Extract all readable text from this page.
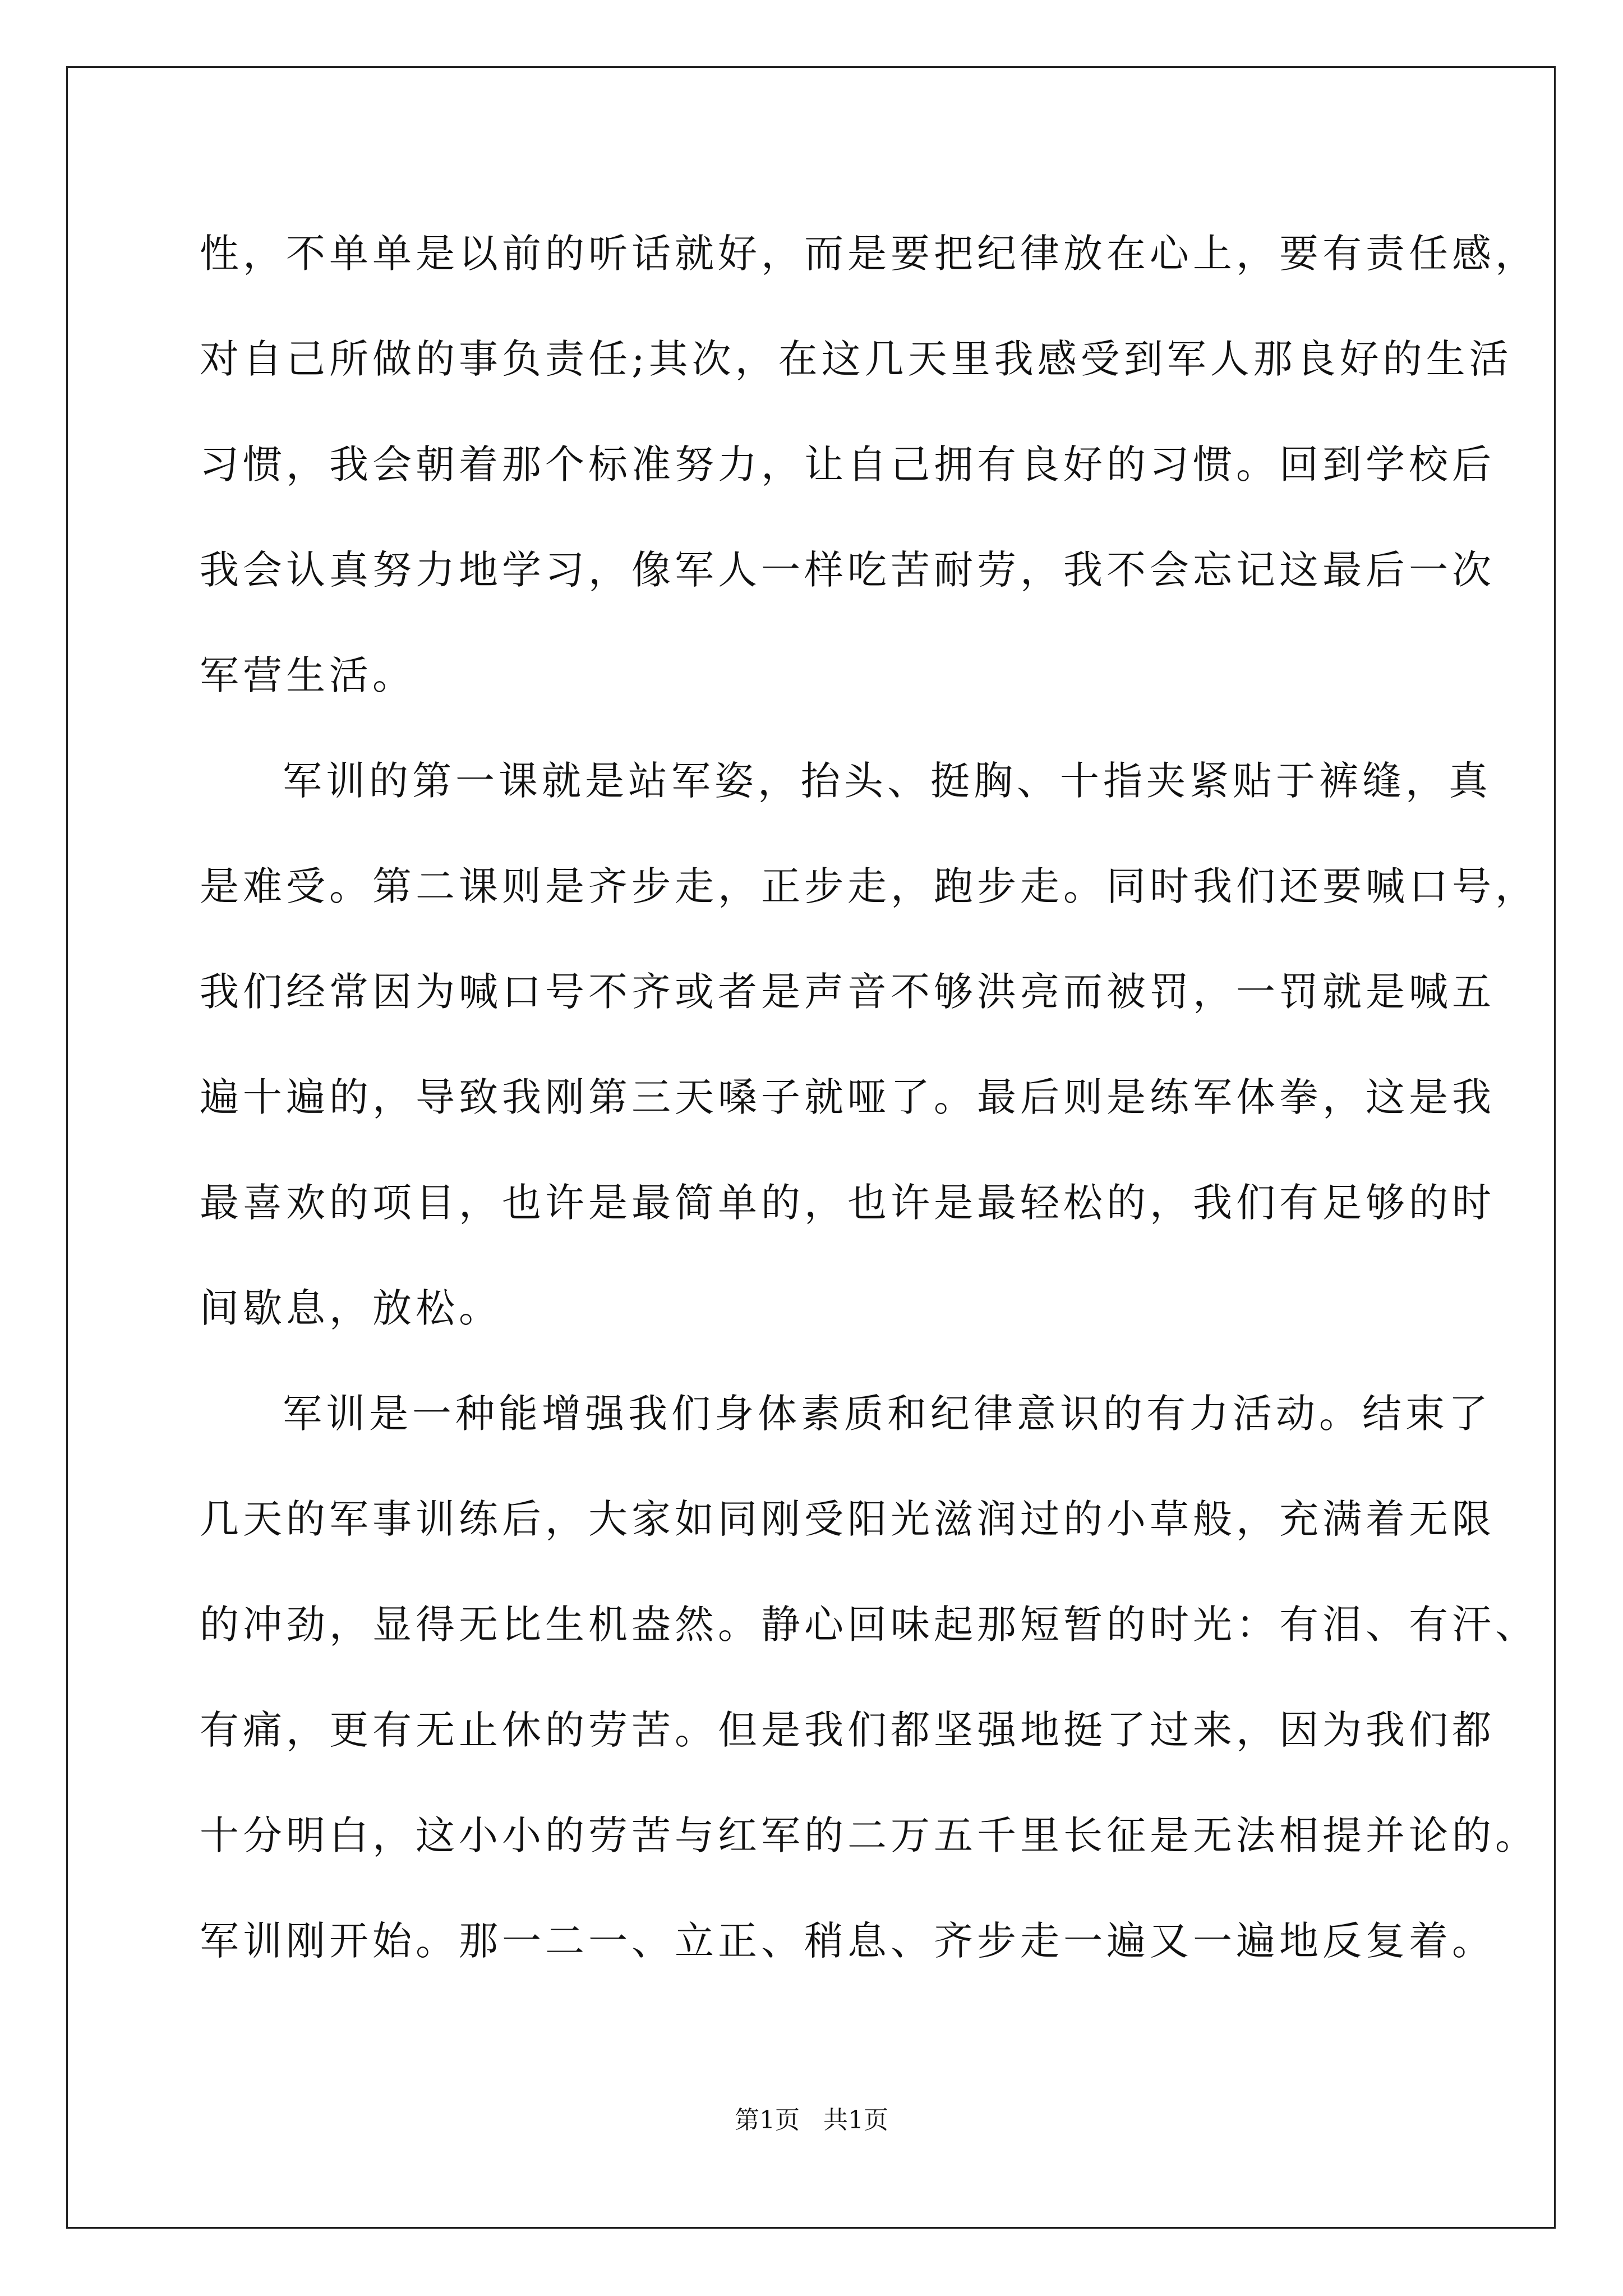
性，不单单是以前的听话就好，而是要把纪律放在心上，要有责任感，
对自己所做的事负责任;其次，在这几天里我感受到军人那良好的生活
习惯，我会朝着那个标准努力，让自己拥有良好的习惯。回到学校后
我会认真努力地学习，像军人一样吃苦耐劳，我不会忘记这最后一次
军营生活。
军训的第一课就是站军姿，抬头、挺胸、十指夹紧贴于裤缝，真
是难受。第二课则是齐步走，正步走，跑步走。同时我们还要喊口号，
我们经常因为喊口号不齐或者是声音不够洪亮而被罚，一罚就是喊五
遍十遍的，导致我刚第三天嗓子就哑了。最后则是练军体拳，这是我
最喜欢的项目，也许是最简单的，也许是最轻松的，我们有足够的时
间歇息，放松。
军训是一种能增强我们身体素质和纪律意识的有力活动。结束了
几天的军事训练后，大家如同刚受阳光滋润过的小草般，充满着无限
的冲劲，显得无比生机盎然。静心回味起那短暂的时光：有泪、有汗、
有痛，更有无止休的劳苦。但是我们都坚强地挺了过来，因为我们都
十分明白，这小小的劳苦与红军的二万五千里长征是无法相提并论的。
军训刚开始。那一二一、立正、稍息、齐步走一遍又一遍地反复着。
第1页   共1页
